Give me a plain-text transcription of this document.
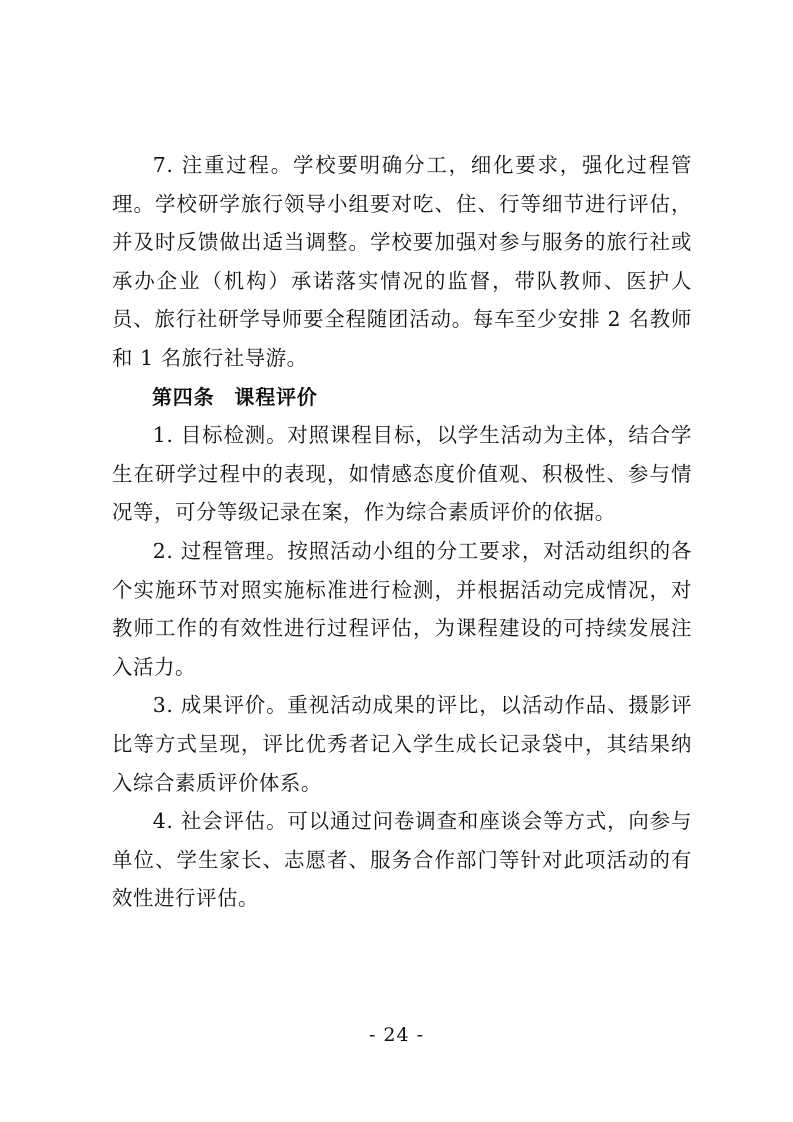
7. 注重过程。学校要明确分工，细化要求，强化过程管理。学校研学旅行领导小组要对吃、住、行等细节进行评估，并及时反馈做出适当调整。学校要加强对参与服务的旅行社或承办企业（机构）承诺落实情况的监督，带队教师、医护人员、旅行社研学导师要全程随团活动。每车至少安排 2 名教师和 1 名旅行社导游。

第四条 课程评价

1. 目标检测。对照课程目标，以学生活动为主体，结合学生在研学过程中的表现，如情感态度价值观、积极性、参与情况等，可分等级记录在案，作为综合素质评价的依据。

2. 过程管理。按照活动小组的分工要求，对活动组织的各个实施环节对照实施标准进行检测，并根据活动完成情况，对教师工作的有效性进行过程评估，为课程建设的可持续发展注入活力。

3. 成果评价。重视活动成果的评比，以活动作品、摄影评比等方式呈现，评比优秀者记入学生成长记录袋中，其结果纳入综合素质评价体系。

4. 社会评估。可以通过问卷调查和座谈会等方式，向参与单位、学生家长、志愿者、服务合作部门等针对此项活动的有效性进行评估。

- 24 -
